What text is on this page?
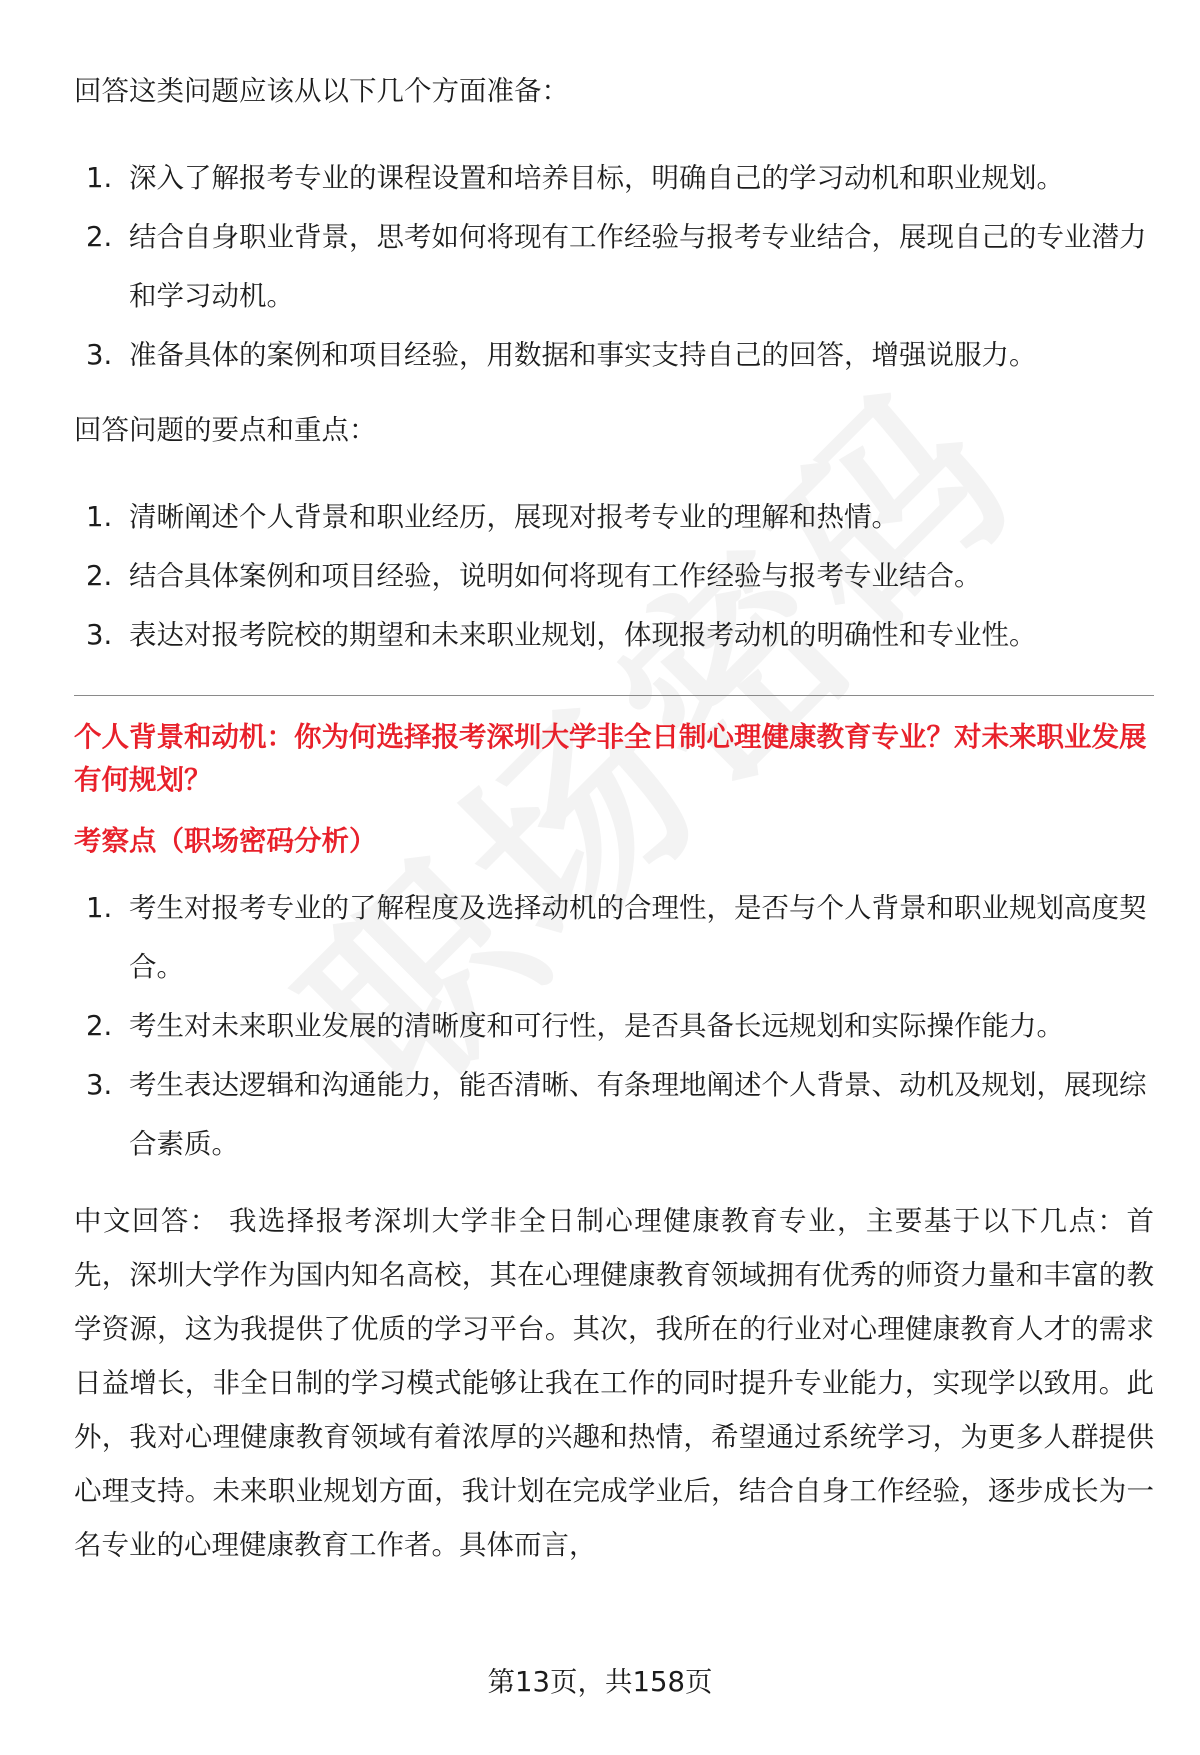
回答这类问题应该从以下几个方面准备：

1. 深入了解报考专业的课程设置和培养目标，明确自己的学习动机和职业规划。
2. 结合自身职业背景，思考如何将现有工作经验与报考专业结合，展现自己的专业潜力和学习动机。
3. 准备具体的案例和项目经验，用数据和事实支持自己的回答，增强说服力。

回答问题的要点和重点：

1. 清晰阐述个人背景和职业经历，展现对报考专业的理解和热情。
2. 结合具体案例和项目经验，说明如何将现有工作经验与报考专业结合。
3. 表达对报考院校的期望和未来职业规划，体现报考动机的明确性和专业性。

个人背景和动机：你为何选择报考深圳大学非全日制心理健康教育专业？对未来职业发展有何规划？

考察点（职场密码分析）

1. 考生对报考专业的了解程度及选择动机的合理性，是否与个人背景和职业规划高度契合。
2. 考生对未来职业发展的清晰度和可行性，是否具备长远规划和实际操作能力。
3. 考生表达逻辑和沟通能力，能否清晰、有条理地阐述个人背景、动机及规划，展现综合素质。

中文回答： 我选择报考深圳大学非全日制心理健康教育专业，主要基于以下几点：首先，深圳大学作为国内知名高校，其在心理健康教育领域拥有优秀的师资力量和丰富的教学资源，这为我提供了优质的学习平台。其次，我所在的行业对心理健康教育人才的需求日益增长，非全日制的学习模式能够让我在工作的同时提升专业能力，实现学以致用。此外，我对心理健康教育领域有着浓厚的兴趣和热情，希望通过系统学习，为更多人群提供心理支持。未来职业规划方面，我计划在完成学业后，结合自身工作经验，逐步成长为一名专业的心理健康教育工作者。具体而言，

第13页，共158页
